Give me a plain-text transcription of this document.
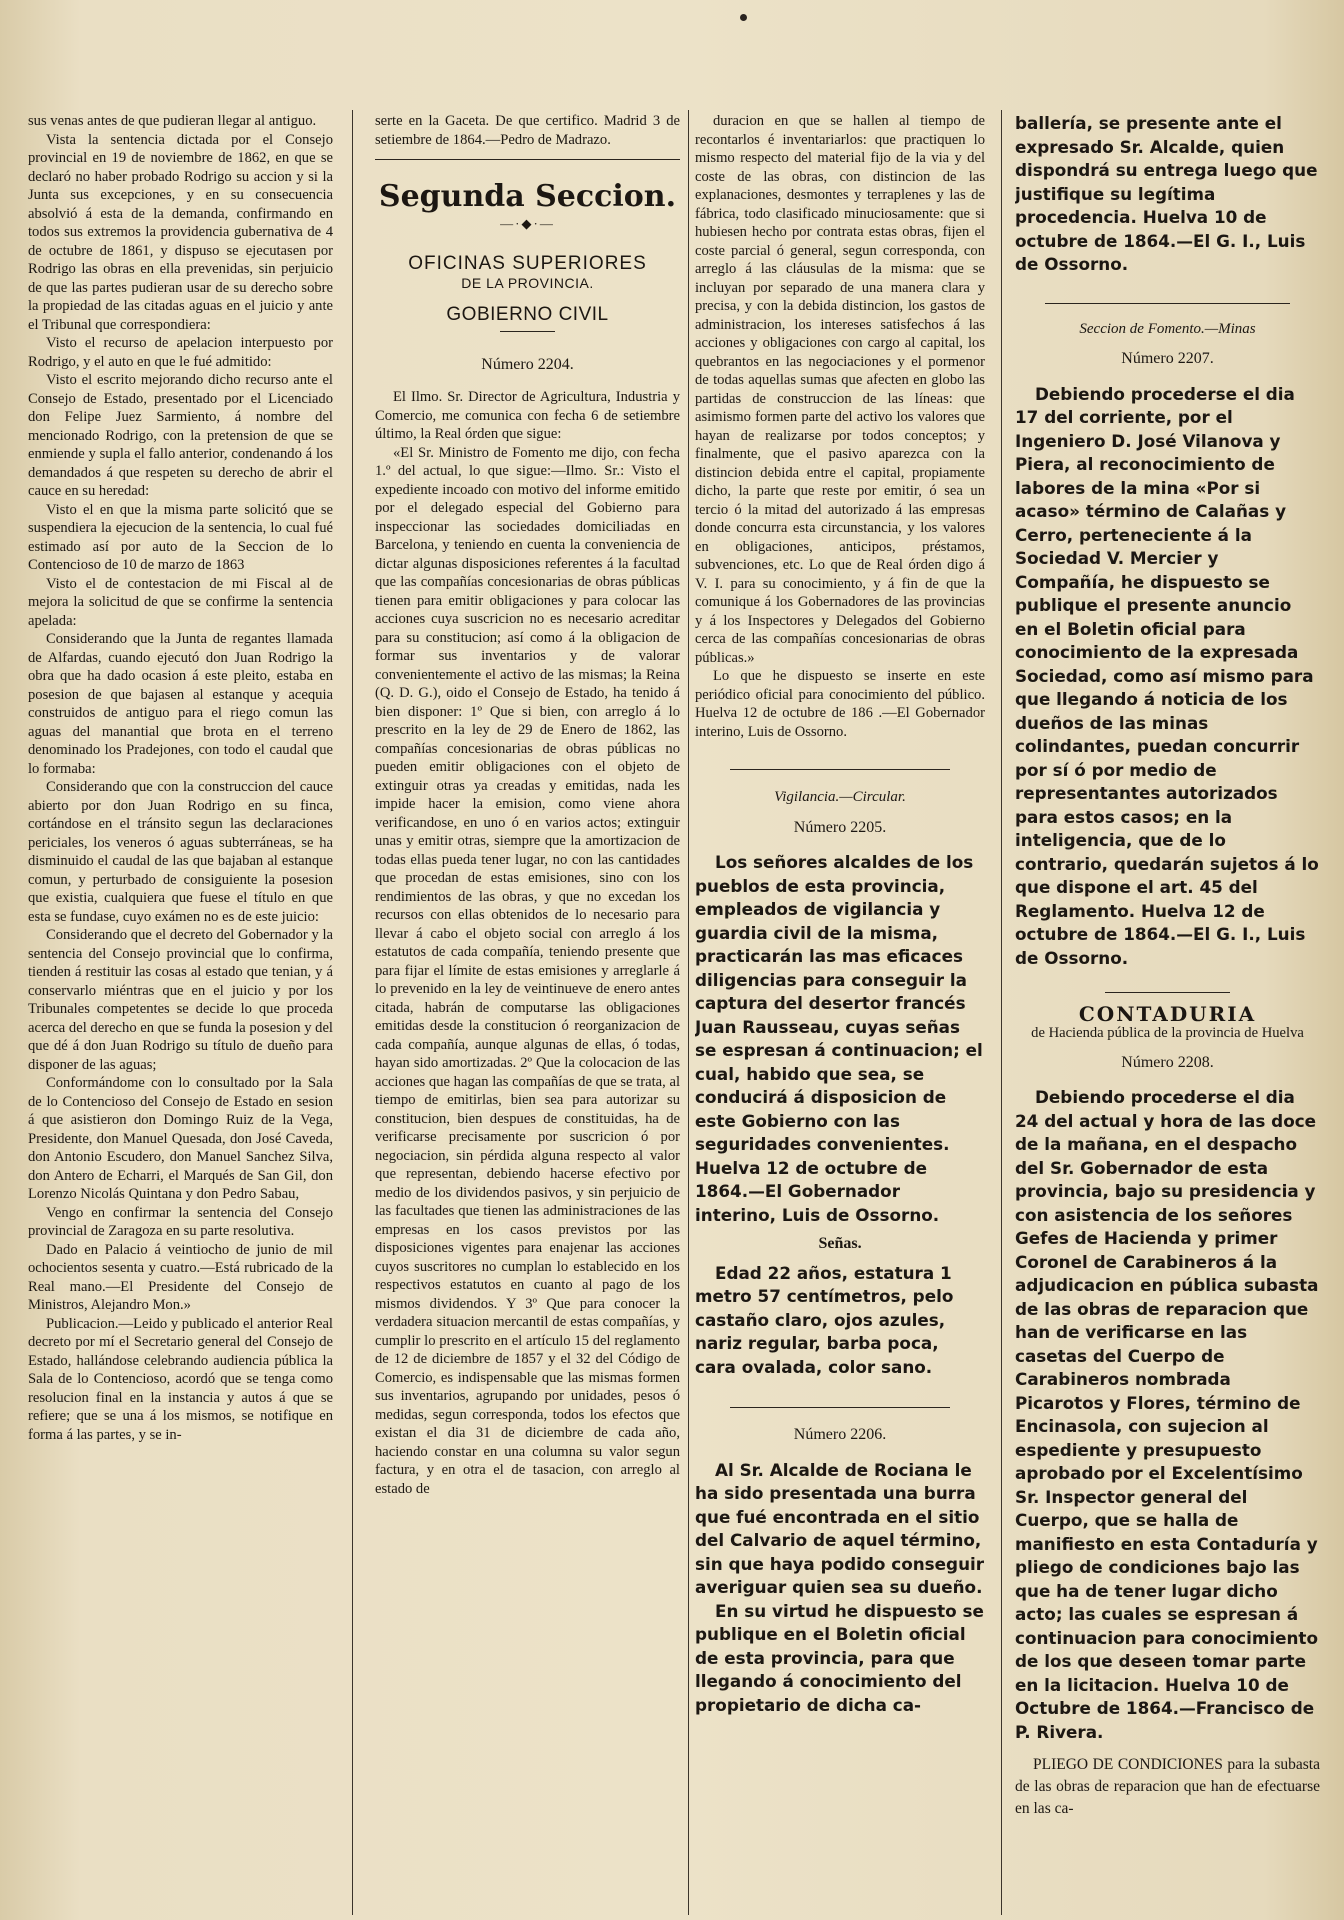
sus venas antes de que pudieran llegar al antiguo.

Vista la sentencia dictada por el Consejo provincial en 19 de noviembre de 1862, en que se declaró no haber probado Rodrigo su accion y si la Junta sus excepciones, y en su consecuencia absolvió á esta de la demanda, confirmando en todos sus extremos la providencia gubernativa de 4 de octubre de 1861, y dispuso se ejecutasen por Rodrigo las obras en ella prevenidas, sin perjuicio de que las partes pudieran usar de su derecho sobre la propiedad de las citadas aguas en el juicio y ante el Tribunal que correspondiera:

Visto el recurso de apelacion interpuesto por Rodrigo, y el auto en que le fué admitido:

Visto el escrito mejorando dicho recurso ante el Consejo de Estado, presentado por el Licenciado don Felipe Juez Sarmiento, á nombre del mencionado Rodrigo, con la pretension de que se enmiende y supla el fallo anterior, condenando á los demandados á que respeten su derecho de abrir el cauce en su heredad:

Visto el en que la misma parte solicitó que se suspendiera la ejecucion de la sentencia, lo cual fué estimado así por auto de la Seccion de lo Contencioso de 10 de marzo de 1863

Visto el de contestacion de mi Fiscal al de mejora la solicitud de que se confirme la sentencia apelada:

Considerando que la Junta de regantes llamada de Alfardas, cuando ejecutó don Juan Rodrigo la obra que ha dado ocasion á este pleito, estaba en posesion de que bajasen al estanque y acequia construidos de antiguo para el riego comun las aguas del manantial que brota en el terreno denominado los Pradejones, con todo el caudal que lo formaba:

Considerando que con la construccion del cauce abierto por don Juan Rodrigo en su finca, cortándose en el tránsito segun las declaraciones periciales, los veneros ó aguas subterráneas, se ha disminuido el caudal de las que bajaban al estanque comun, y perturbado de consiguiente la posesion que existia, cualquiera que fuese el título en que esta se fundase, cuyo exámen no es de este juicio:

Considerando que el decreto del Gobernador y la sentencia del Consejo provincial que lo confirma, tienden á restituir las cosas al estado que tenian, y á conservarlo miéntras que en el juicio y por los Tribunales competentes se decide lo que proceda acerca del derecho en que se funda la posesion y del que dé á don Juan Rodrigo su título de dueño para disponer de las aguas;

Conformándome con lo consultado por la Sala de lo Contencioso del Consejo de Estado en sesion á que asistieron don Domingo Ruiz de la Vega, Presidente, don Manuel Quesada, don José Caveda, don Antonio Escudero, don Manuel Sanchez Silva, don Antero de Echarri, el Marqués de San Gil, don Lorenzo Nicolás Quintana y don Pedro Sabau,

Vengo en confirmar la sentencia del Consejo provincial de Zaragoza en su parte resolutiva.

Dado en Palacio á veintiocho de junio de mil ochocientos sesenta y cuatro.—Está rubricado de la Real mano.—El Presidente del Consejo de Ministros, Alejandro Mon.»

Publicacion.—Leido y publicado el anterior Real decreto por mí el Secretario general del Consejo de Estado, hallándose celebrando audiencia pública la Sala de lo Contencioso, acordó que se tenga como resolucion final en la instancia y autos á que se refiere; que se una á los mismos, se notifique en forma á las partes, y se in-

serte en la Gaceta. De que certifico. Madrid 3 de setiembre de 1864.—Pedro de Madrazo.

Segunda Seccion.
—·◆·—
OFICINAS SUPERIORES
DE LA PROVINCIA.
GOBIERNO CIVIL
Número 2204.

El Ilmo. Sr. Director de Agricultura, Industria y Comercio, me comunica con fecha 6 de setiembre último, la Real órden que sigue:

«El Sr. Ministro de Fomento me dijo, con fecha 1.º del actual, lo que sigue:—Ilmo. Sr.: Visto el expediente incoado con motivo del informe emitido por el delegado especial del Gobierno para inspeccionar las sociedades domiciliadas en Barcelona, y teniendo en cuenta la conveniencia de dictar algunas disposiciones referentes á la facultad que las compañías concesionarias de obras públicas tienen para emitir obligaciones y para colocar las acciones cuya suscricion no es necesario acreditar para su constitucion; así como á la obligacion de formar sus inventarios y de valorar convenientemente el activo de las mismas; la Reina (Q. D. G.), oido el Consejo de Estado, ha tenido á bien disponer: 1º Que si bien, con arreglo á lo prescrito en la ley de 29 de Enero de 1862, las compañías concesionarias de obras públicas no pueden emitir obligaciones con el objeto de extinguir otras ya creadas y emitidas, nada les impide hacer la emision, como viene ahora verificandose, en uno ó en varios actos; extinguir unas y emitir otras, siempre que la amortizacion de todas ellas pueda tener lugar, no con las cantidades que procedan de estas emisiones, sino con los rendimientos de las obras, y que no excedan los recursos con ellas obtenidos de lo necesario para llevar á cabo el objeto social con arreglo á los estatutos de cada compañía, teniendo presente que para fijar el límite de estas emisiones y arreglarle á lo prevenido en la ley de veintinueve de enero antes citada, habrán de computarse las obligaciones emitidas desde la constitucion ó reorganizacion de cada compañía, aunque algunas de ellas, ó todas, hayan sido amortizadas. 2º Que la colocacion de las acciones que hagan las compañías de que se trata, al tiempo de emitirlas, bien sea para autorizar su constitucion, bien despues de constituidas, ha de verificarse precisamente por suscricion ó por negociacion, sin pérdida alguna respecto al valor que representan, debiendo hacerse efectivo por medio de los dividendos pasivos, y sin perjuicio de las facultades que tienen las administraciones de las empresas en los casos previstos por las disposiciones vigentes para enajenar las acciones cuyos suscritores no cumplan lo establecido en los respectivos estatutos en cuanto al pago de los mismos dividendos. Y 3º Que para conocer la verdadera situacion mercantil de estas compañías, y cumplir lo prescrito en el artículo 15 del reglamento de 12 de diciembre de 1857 y el 32 del Código de Comercio, es indispensable que las mismas formen sus inventarios, agrupando por unidades, pesos ó medidas, segun corresponda, todos los efectos que existan el dia 31 de diciembre de cada año, haciendo constar en una columna su valor segun factura, y en otra el de tasacion, con arreglo al estado de

duracion en que se hallen al tiempo de recontarlos é inventariarlos: que practiquen lo mismo respecto del material fijo de la via y del coste de las obras, con distincion de las explanaciones, desmontes y terraplenes y las de fábrica, todo clasificado minuciosamente: que si hubiesen hecho por contrata estas obras, fijen el coste parcial ó general, segun corresponda, con arreglo á las cláusulas de la misma: que se incluyan por separado de una manera clara y precisa, y con la debida distincion, los gastos de administracion, los intereses satisfechos á las acciones y obligaciones con cargo al capital, los quebrantos en las negociaciones y el pormenor de todas aquellas sumas que afecten en globo las partidas de construccion de las líneas: que asimismo formen parte del activo los valores que hayan de realizarse por todos conceptos; y finalmente, que el pasivo aparezca con la distincion debida entre el capital, propiamente dicho, la parte que reste por emitir, ó sea un tercio ó la mitad del autorizado á las empresas donde concurra esta circunstancia, y los valores en obligaciones, anticipos, préstamos, subvenciones, etc. Lo que de Real órden digo á V. I. para su conocimiento, y á fin de que la comunique á los Gobernadores de las provincias y á los Inspectores y Delegados del Gobierno cerca de las compañías concesionarias de obras públicas.»

Lo que he dispuesto se inserte en este periódico oficial para conocimiento del público. Huelva 12 de octubre de 186 .—El Gobernador interino, Luis de Ossorno.

Vigilancia.—Circular.
Número 2205.

Los señores alcaldes de los pueblos de esta provincia, empleados de vigilancia y guardia civil de la misma, practicarán las mas eficaces diligencias para conseguir la captura del desertor francés Juan Rausseau, cuyas señas se espresan á continuacion; el cual, habido que sea, se conducirá á disposicion de este Gobierno con las seguridades convenientes. Huelva 12 de octubre de 1864.—El Gobernador interino, Luis de Ossorno.

Señas.

Edad 22 años, estatura 1 metro 57 centímetros, pelo castaño claro, ojos azules, nariz regular, barba poca, cara ovalada, color sano.

Número 2206.

Al Sr. Alcalde de Rociana le ha sido presentada una burra que fué encontrada en el sitio del Calvario de aquel término, sin que haya podido conseguir averiguar quien sea su dueño.

En su virtud he dispuesto se publique en el Boletin oficial de esta provincia, para que llegando á conocimiento del propietario de dicha ca-

ballería, se presente ante el expresado Sr. Alcalde, quien dispondrá su entrega luego que justifique su legítima procedencia. Huelva 10 de octubre de 1864.—El G. I., Luis de Ossorno.

Seccion de Fomento.—Minas
Número 2207.

Debiendo procederse el dia 17 del corriente, por el Ingeniero D. José Vilanova y Piera, al reconocimiento de labores de la mina «Por si acaso» término de Calañas y Cerro, perteneciente á la Sociedad V. Mercier y Compañía, he dispuesto se publique el presente anuncio en el Boletin oficial para conocimiento de la expresada Sociedad, como así mismo para que llegando á noticia de los dueños de las minas colindantes, puedan concurrir por sí ó por medio de representantes autorizados para estos casos; en la inteligencia, que de lo contrario, quedarán sujetos á lo que dispone el art. 45 del Reglamento. Huelva 12 de octubre de 1864.—El G. I., Luis de Ossorno.

CONTADURIA
de Hacienda pública de la provincia de Huelva
Número 2208.

Debiendo procederse el dia 24 del actual y hora de las doce de la mañana, en el despacho del Sr. Gobernador de esta provincia, bajo su presidencia y con asistencia de los señores Gefes de Hacienda y primer Coronel de Carabineros á la adjudicacion en pública subasta de las obras de reparacion que han de verificarse en las casetas del Cuerpo de Carabineros nombrada Picarotos y Flores, término de Encinasola, con sujecion al espediente y presupuesto aprobado por el Excelentísimo Sr. Inspector general del Cuerpo, que se halla de manifiesto en esta Contaduría y pliego de condiciones bajo las que ha de tener lugar dicho acto; las cuales se espresan á continuacion para conocimiento de los que deseen tomar parte en la licitacion. Huelva 10 de Octubre de 1864.—Francisco de P. Rivera.

PLIEGO DE CONDICIONES para la subasta de las obras de reparacion que han de efectuarse en las ca-
